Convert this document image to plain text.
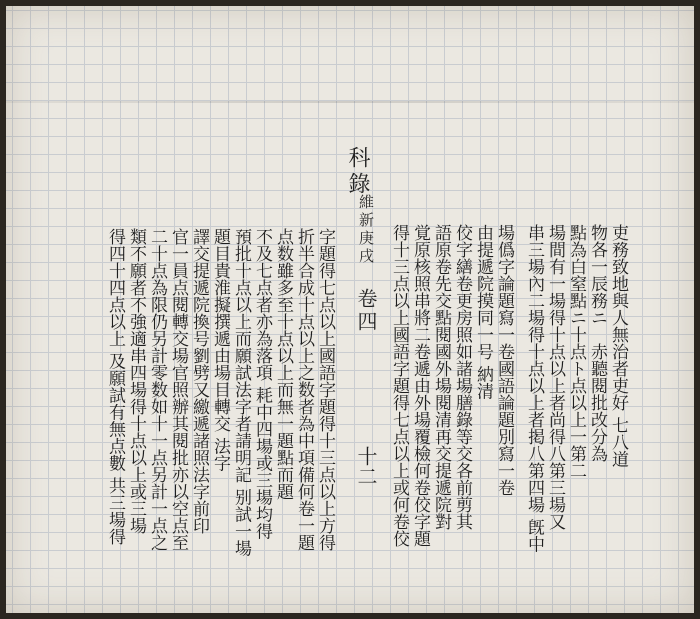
科錄
維新庚戌
卷四
十二	吏務致地與人無治者吏好 七八道
物各一辰務ニ　赤聽閱批改分為
點為白窒點ニ十点ト点以上一第二
場間有一場得十点以上者尚得八第三場又
串三場內二場得十点以上者掲八第四場 旣中
場僞字論題寫一卷國語論題別寫一卷
由提遞院摸同一号 納清
佼字繕卷更房照如諸場膳錄等交各前剪其
語原卷先交點閱國外場閱清再交提遞院對
覚原核照串將二卷遞由外場覆檢何卷佼字題
得十三点以上國語字題得七点以上或何卷佼
字題得七点以上國語字題得十三点以上方得
折半合成十点以上之数者為中項備何卷一題
点数雖多至十点以上而無一題點而題
不及七点者亦為落項 耗中四場或三場均得
預批十点以上而願試法字者請明記 别試一場
題目貴淮擬撰遞由場目轉交 法字
譯交提遞院換号劉劈又繳遞諸照法字前印
官一員点閱轉交場官照辦其閱批亦以空点至
二十点為限仍另計零数如十一点另計一点之
類不願者不強適串四場得十点以上或三場
得四十四点以上 及願試有無点數 共三場得
